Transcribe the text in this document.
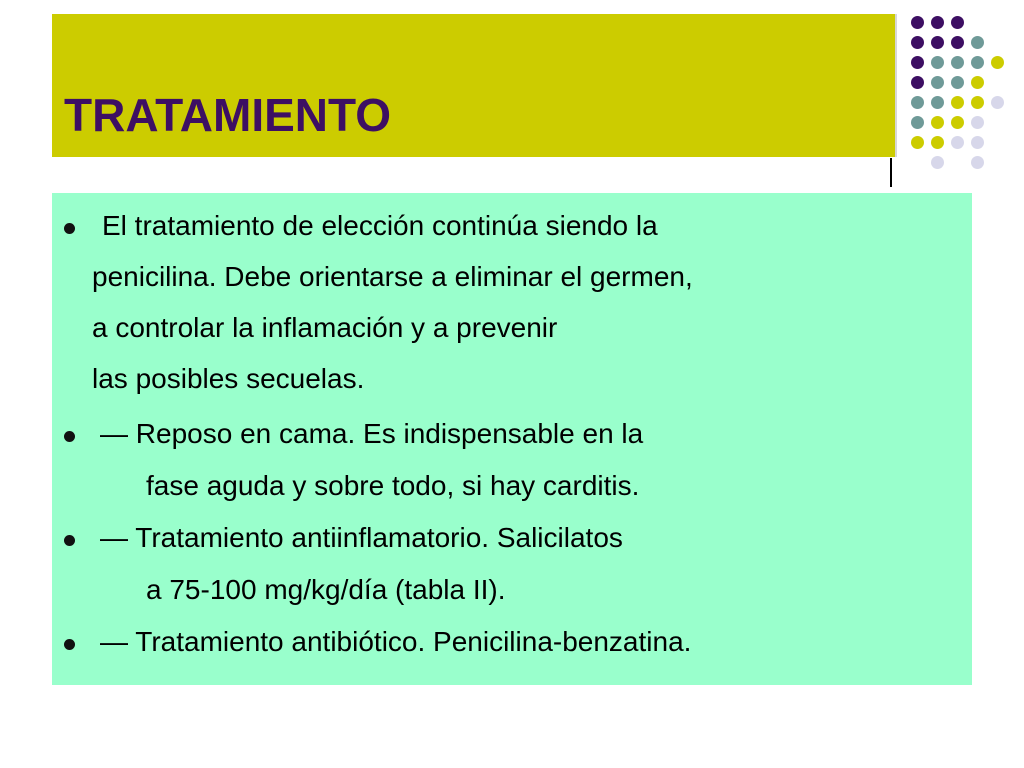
TRATAMIENTO

El tratamiento de elección continúa siendo la

penicilina. Debe orientarse a eliminar el germen,

a controlar la inflamación y a prevenir

las posibles secuelas.

— Reposo en cama. Es indispensable en la

fase aguda y sobre todo, si hay carditis.

— Tratamiento antiinflamatorio. Salicilatos

a 75-100 mg/kg/día (tabla II).

— Tratamiento antibiótico. Penicilina-benzatina.
